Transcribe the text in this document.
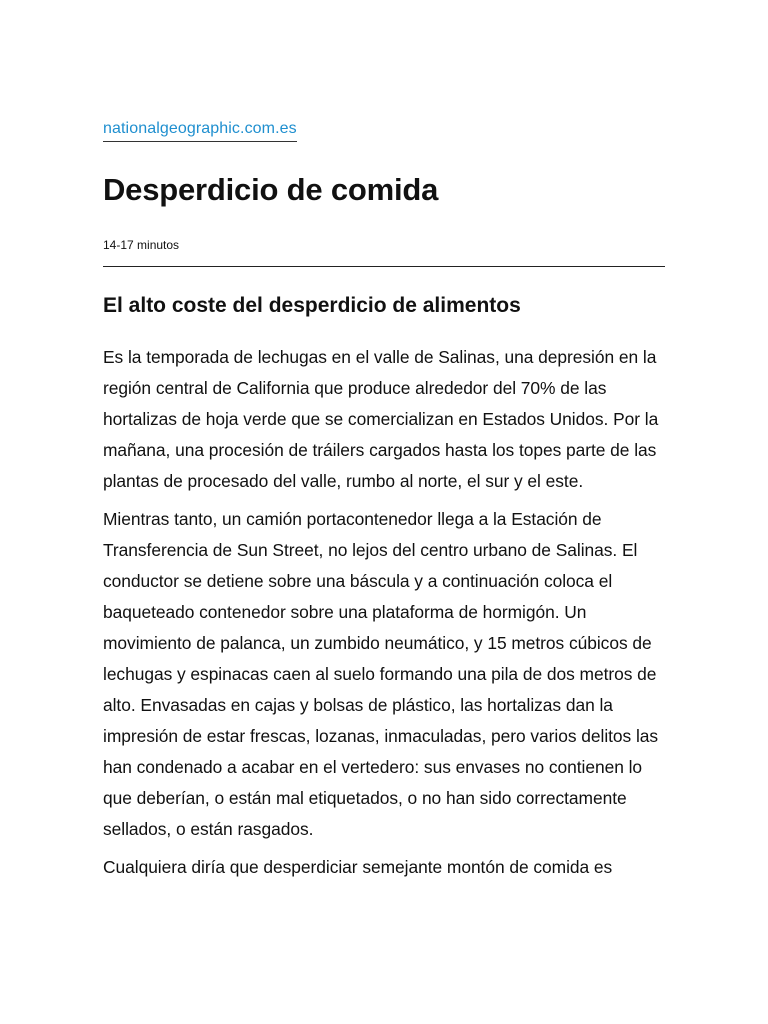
nationalgeographic.com.es
Desperdicio de comida
14-17 minutos
El alto coste del desperdicio de alimentos

Es la temporada de lechugas en el valle de Salinas, una depresión en la región central de California que produce alrededor del 70% de las hortalizas de hoja verde que se comercializan en Estados Unidos. Por la mañana, una procesión de tráilers cargados hasta los topes parte de las plantas de procesado del valle, rumbo al norte, el sur y el este.

Mientras tanto, un camión portacontenedor llega a la Estación de Transferencia de Sun Street, no lejos del centro urbano de Salinas. El conductor se detiene sobre una báscula y a continuación coloca el baqueteado contenedor sobre una plataforma de hormigón. Un movimiento de palanca, un zumbido neumático, y 15 metros cúbicos de lechugas y espinacas caen al suelo formando una pila de dos metros de alto. Envasadas en cajas y bolsas de plástico, las hortalizas dan la impresión de estar frescas, lozanas, inmaculadas, pero varios delitos las han condenado a acabar en el vertedero: sus envases no contienen lo que deberían, o están mal etiquetados, o no han sido correctamente sellados, o están rasgados.

Cualquiera diría que desperdiciar semejante montón de comida es
